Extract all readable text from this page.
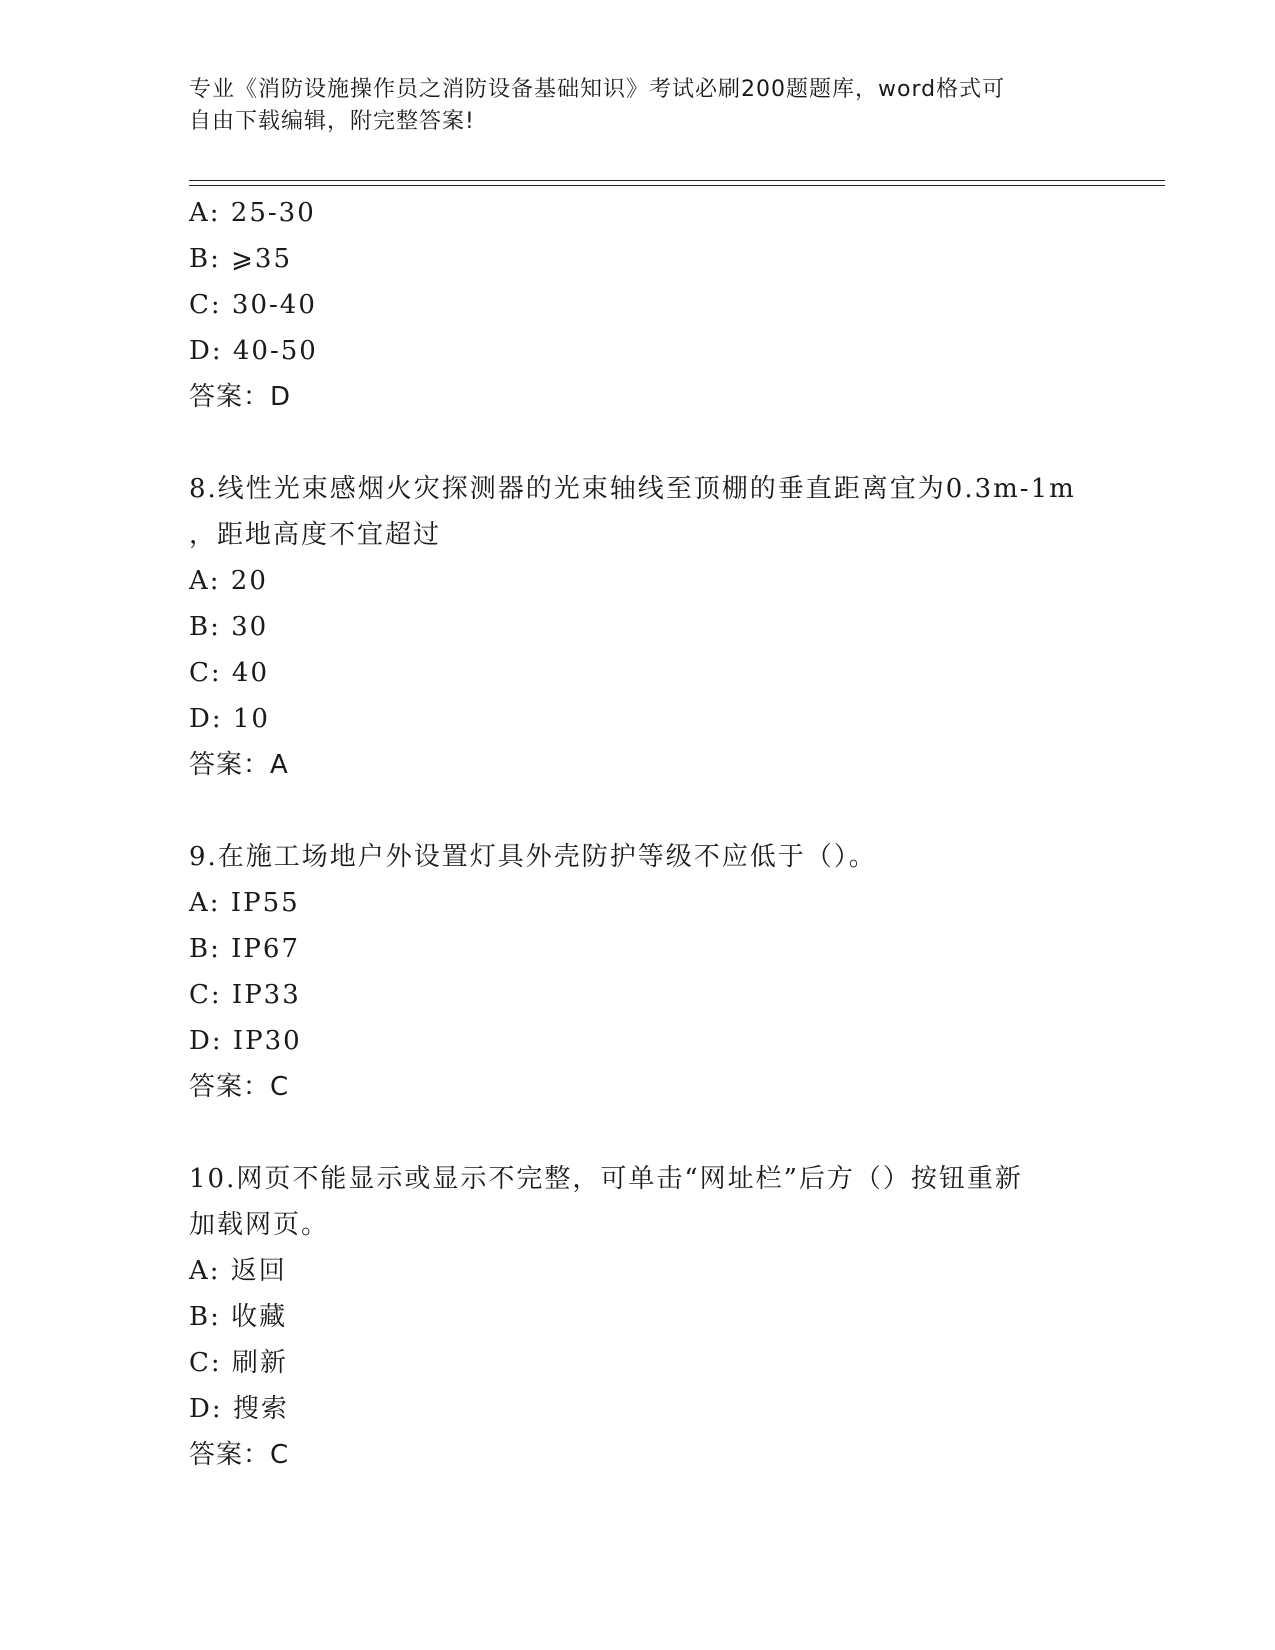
专业《消防设施操作员之消防设备基础知识》考试必刷200题题库，word格式可
自由下载编辑，附完整答案!
A: 25-30
B: ⩾35
C: 30-40
D: 40-50
答案：D
8.线性光束感烟火灾探测器的光束轴线至顶棚的垂直距离宜为0.3m-1m
，距地高度不宜超过
A: 20
B: 30
C: 40
D: 10
答案：A
9.在施工场地户外设置灯具外壳防护等级不应低于（）。
A: IP55
B: IP67
C: IP33
D: IP30
答案：C
10.网页不能显示或显示不完整，可单击“网址栏”后方（）按钮重新
加载网页。
A: 返回
B: 收藏
C: 刷新
D: 搜索
答案：C
